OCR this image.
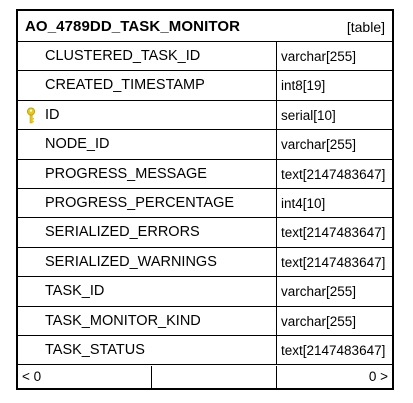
AO_4789DD_TASK_MONITOR	[table]
CLUSTERED_TASK_ID	varchar[255]
CREATED_TIMESTAMP	int8[19]
ID	serial[10]
NODE_ID	varchar[255]
PROGRESS_MESSAGE	text[2147483647]
PROGRESS_PERCENTAGE	int4[10]
SERIALIZED_ERRORS	text[2147483647]
SERIALIZED_WARNINGS	text[2147483647]
TASK_ID	varchar[255]
TASK_MONITOR_KIND	varchar[255]
TASK_STATUS	text[2147483647]
< 0	0 >
